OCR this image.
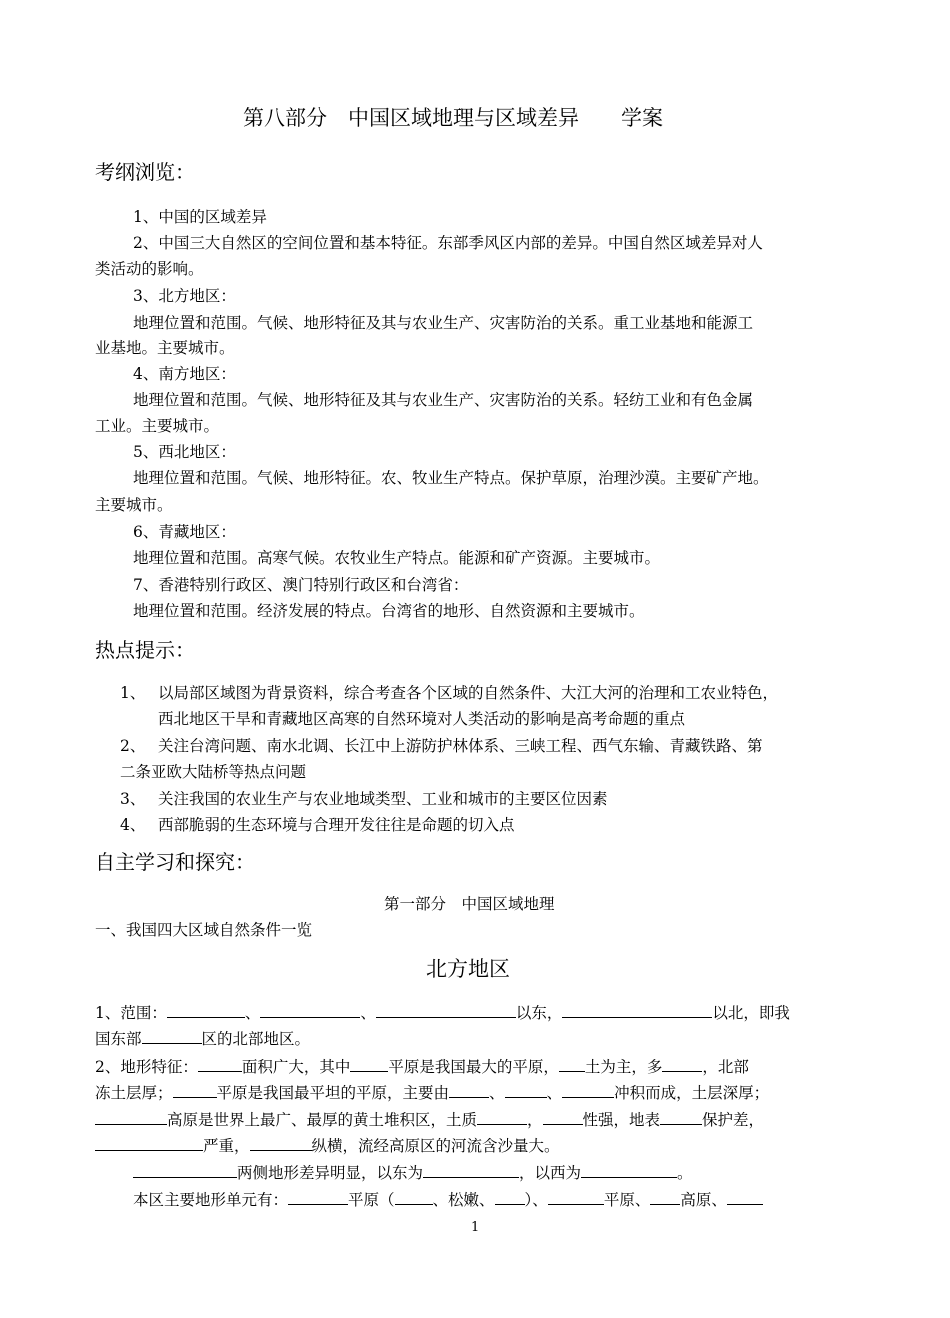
第八部分　中国区域地理与区域差异　　学案
考纲浏览：
1、中国的区域差异
2、中国三大自然区的空间位置和基本特征。东部季风区内部的差异。中国自然区域差异对人
类活动的影响。
3、北方地区：
地理位置和范围。气候、地形特征及其与农业生产、灾害防治的关系。重工业基地和能源工
业基地。主要城市。
4、南方地区：
地理位置和范围。气候、地形特征及其与农业生产、灾害防治的关系。轻纺工业和有色金属
工业。主要城市。
5、西北地区：
地理位置和范围。气候、地形特征。农、牧业生产特点。保护草原，治理沙漠。主要矿产地。
主要城市。
6、青藏地区：
地理位置和范围。高寒气候。农牧业生产特点。能源和矿产资源。主要城市。
7、香港特别行政区、澳门特别行政区和台湾省：
地理位置和范围。经济发展的特点。台湾省的地形、自然资源和主要城市。
热点提示：
1、 以局部区域图为背景资料，综合考查各个区域的自然条件、大江大河的治理和工农业特色，
西北地区干旱和青藏地区高寒的自然环境对人类活动的影响是高考命题的重点
2、 关注台湾问题、南水北调、长江中上游防护林体系、三峡工程、西气东输、青藏铁路、第
二条亚欧大陆桥等热点问题
3、 关注我国的农业生产与农业地域类型、工业和城市的主要区位因素
4、 西部脆弱的生态环境与合理开发往往是命题的切入点
自主学习和探究：
第一部分　中国区域地理
一、我国四大区域自然条件一览
北方地区
1、范围：	、	、	以东，	以北，即我
国东部	区的北部地区。
2、地形特征：	面积广大，其中 平原是我国最大的平原， 土为主，多	，北部
冻土层厚；	平原是我国最平坦的平原，主要由	、	、	冲积而成，土层深厚；
高原是世界上最广、最厚的黄土堆积区，土质	，	性强，地表	保护差，
严重，	纵横，流经高原区的河流含沙量大。
两侧地形差异明显，以东为	，以西为	。
本区主要地形单元有：	平原（ 、松嫩、 ）、	平原、 高原、
1
